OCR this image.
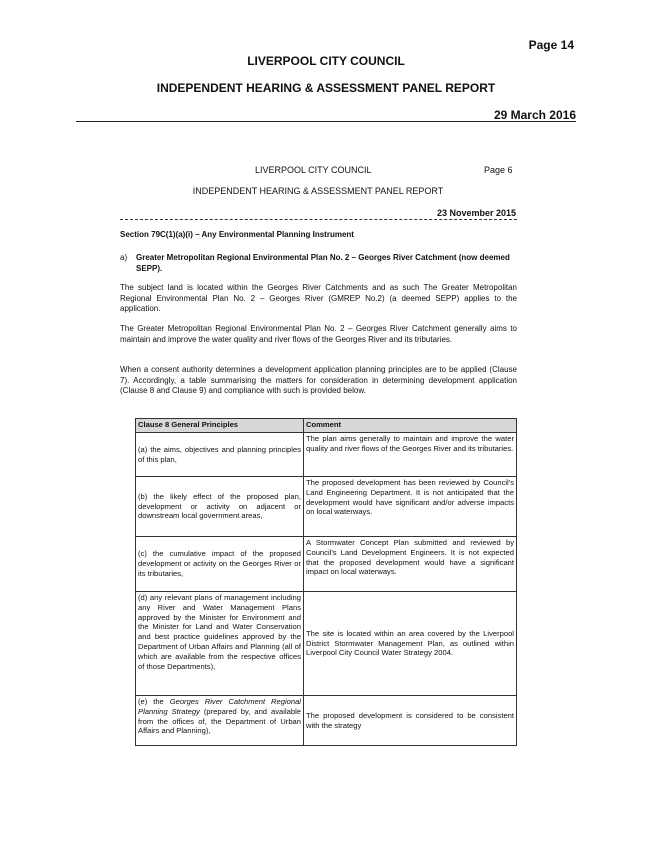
Page 14
LIVERPOOL CITY COUNCIL
INDEPENDENT HEARING & ASSESSMENT PANEL REPORT
29 March 2016
LIVERPOOL CITY COUNCIL	Page 6
INDEPENDENT HEARING & ASSESSMENT PANEL REPORT
23 November 2015
Section 79C(1)(a)(i) – Any Environmental Planning Instrument
a) Greater Metropolitan Regional Environmental Plan No. 2 – Georges River Catchment (now deemed SEPP).
The subject land is located within the Georges River Catchments and as such The Greater Metropolitan Regional Environmental Plan No. 2 – Georges River (GMREP No.2) (a deemed SEPP) applies to the application.
The Greater Metropolitan Regional Environmental Plan No. 2 – Georges River Catchment generally aims to maintain and improve the water quality and river flows of the Georges River and its tributaries.
When a consent authority determines a development application planning principles are to be applied (Clause 7). Accordingly, a table summarising the matters for consideration in determining development application (Clause 8 and Clause 9) and compliance with such is provided below.
Clause 8 General Principles	Comment
(a) the aims, objectives and planning principles of this plan,	The plan aims generally to maintain and improve the water quality and river flows of the Georges River and its tributaries.
(b) the likely effect of the proposed plan, development or activity on adjacent or downstream local government areas,	The proposed development has been reviewed by Council's Land Engineering Department. It is not anticipated that the development would have significant and/or adverse impacts on local waterways.
(c) the cumulative impact of the proposed development or activity on the Georges River or its tributaries,	A Stormwater Concept Plan submitted and reviewed by Council's Land Development Engineers. It is not expected that the proposed development would have a significant impact on local waterways.
(d) any relevant plans of management including any River and Water Management Plans approved by the Minister for Environment and the Minister for Land and Water Conservation and best practice guidelines approved by the Department of Urban Affairs and Planning (all of which are available from the respective offices of those Departments),	The site is located within an area covered by the Liverpool District Stormwater Management Plan, as outlined within Liverpool City Council Water Strategy 2004.
(e) the Georges River Catchment Regional Planning Strategy (prepared by, and available from the offices of, the Department of Urban Affairs and Planning),	The proposed development is considered to be consistent with the strategy
